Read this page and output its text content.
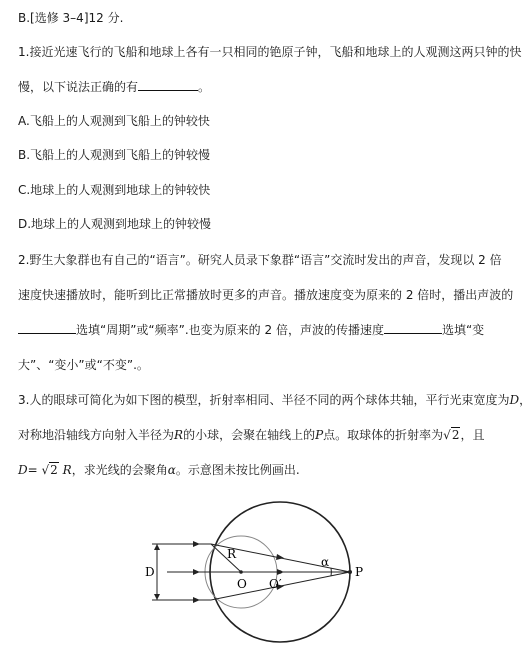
B.[选修 3–4]12 分.
1.接近光速飞行的飞船和地球上各有一只相同的铯原子钟，飞船和地球上的人观测这两只钟的快
慢，以下说法正确的有	。
A.飞船上的人观测到飞船上的钟较快
B.飞船上的人观测到飞船上的钟较慢
C.地球上的人观测到地球上的钟较快
D.地球上的人观测到地球上的钟较慢
2.野生大象群也有自己的“语言”。研究人员录下象群“语言”交流时发出的声音，发现以 2 倍
速度快速播放时，能听到比正常播放时更多的声音。播放速度变为原来的 2 倍时，播出声波的
选填“周期”或“频率”.也变为原来的 2 倍，声波的传播速度	选填“变
大”、“变小”或“不变”.。
3.人的眼球可简化为如下图的模型，折射率相同、半径不同的两个球体共轴，平行光束宽度为D，
对称地沿轴线方向射入半径为R的小球，会聚在轴线上的P点。取球体的折射率为√2，且
D= √2 R，求光线的会聚角α。示意图未按比例画出.
D
R
O O′
α
P
